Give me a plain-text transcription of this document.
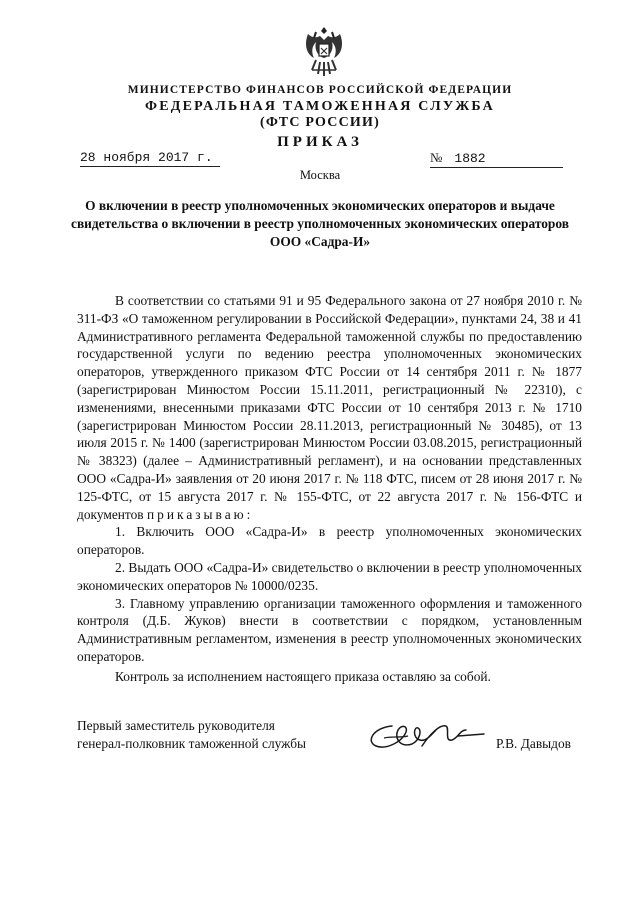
МИНИСТЕРСТВО ФИНАНСОВ РОССИЙСКОЙ ФЕДЕРАЦИИ
ФЕДЕРАЛЬНАЯ ТАМОЖЕННАЯ СЛУЖБА
(ФТС РОССИИ)
ПРИКАЗ
28 ноября 2017 г.	№ 1882
Москва
О включении в реестр уполномоченных экономических операторов и выдаче свидетельства о включении в реестр уполномоченных экономических операторов ООО «Садра-И»
В соответствии со статьями 91 и 95 Федерального закона от 27 ноября 2010 г. № 311-ФЗ «О таможенном регулировании в Российской Федерации», пунктами 24, 38 и 41 Административного регламента Федеральной таможенной службы по предоставлению государственной услуги по ведению реестра уполномоченных экономических операторов, утвержденного приказом ФТС России от 14 сентября 2011 г. № 1877 (зарегистрирован Минюстом России 15.11.2011, регистрационный № 22310), с изменениями, внесенными приказами ФТС России от 10 сентября 2013 г. № 1710 (зарегистрирован Минюстом России 28.11.2013, регистрационный № 30485), от 13 июля 2015 г. № 1400 (зарегистрирован Минюстом России 03.08.2015, регистрационный № 38323) (далее – Административный регламент), и на основании представленных ООО «Садра-И» заявления от 20 июня 2017 г. № 118 ФТС, писем от 28 июня 2017 г. № 125-ФТС, от 15 августа 2017 г. № 155-ФТС, от 22 августа 2017 г. № 156-ФТС и документов приказываю:
1. Включить ООО «Садра-И» в реестр уполномоченных экономических операторов.
2. Выдать ООО «Садра-И» свидетельство о включении в реестр уполномоченных экономических операторов № 10000/0235.
3. Главному управлению организации таможенного оформления и таможенного контроля (Д.Б. Жуков) внести в соответствии с порядком, установленным Административным регламентом, изменения в реестр уполномоченных экономических операторов.
Контроль за исполнением настоящего приказа оставляю за собой.
Первый заместитель руководителя
генерал-полковник таможенной службы	Р.В. Давыдов
